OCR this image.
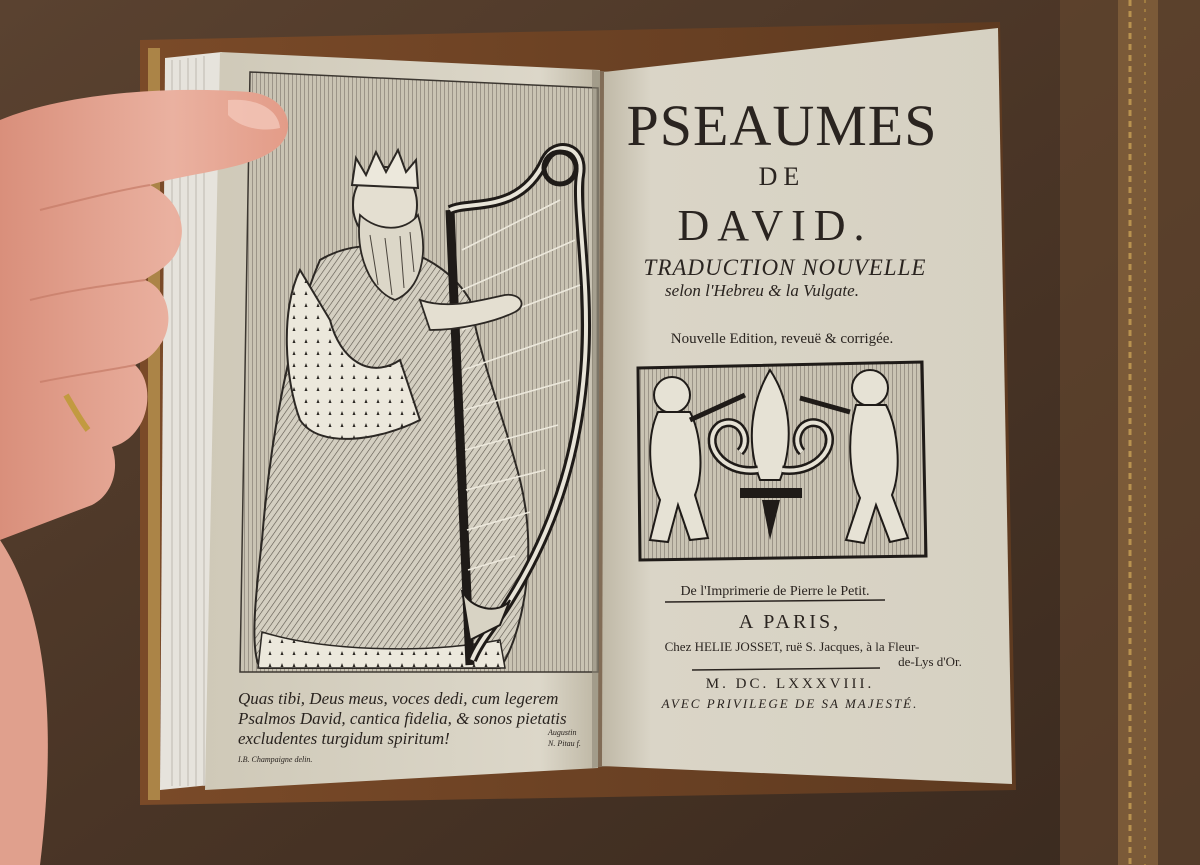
Quas tibi, Deus meus, voces dedi, cum legerem
Psalmos David, cantica fidelia, & sonos pietatis
excludentes turgidum spiritum!
I.B. Champaigne delin.
Augustin
N. Pitau f.
PSEAUMES
DE
DAVID.
TRADUCTION NOUVELLE
selon l'Hebreu & la Vulgate.
Nouvelle Edition, reveuë & corrigée.
De l'Imprimerie de Pierre le Petit.
A PARIS,
Chez HELIE JOSSET, ruë S. Jacques, à la Fleur-
de-Lys d'Or.
M. DC. LXXXVIII.
AVEC PRIVILEGE DE SA MAJESTÉ.
